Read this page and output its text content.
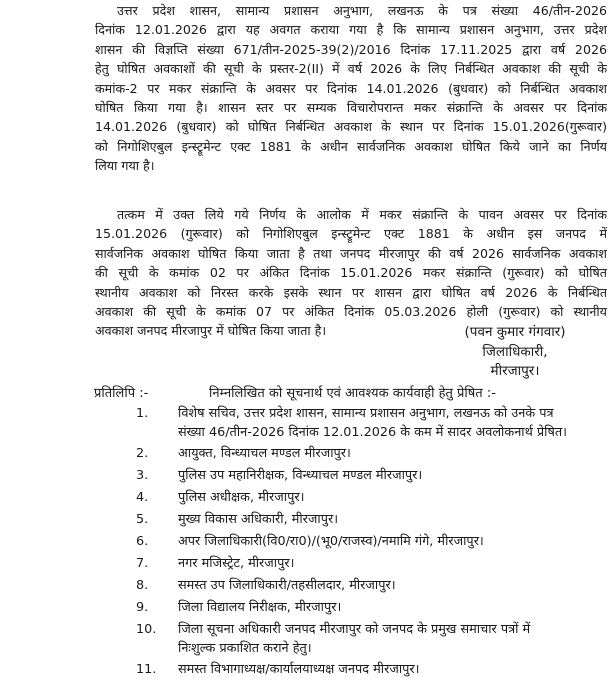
उत्तर प्रदेश शासन, सामान्य प्रशासन अनुभाग, लखनऊ के पत्र संख्या 46/तीन-2026
दिनांक 12.01.2026 द्वारा यह अवगत कराया गया है कि सामान्य प्रशासन अनुभाग, उत्तर प्रदेश
शासन की विज्ञप्ति संख्या 671/तीन-2025-39(2)/2016 दिनांक 17.11.2025 द्वारा वर्ष 2026
हेतु घोषित अवकाशों की सूची के प्रस्तर-2(II) में वर्ष 2026 के लिए निर्बन्धित अवकाश की सूची के
कमांक-2 पर मकर संक्रान्ति के अवसर पर दिनांक 14.01.2026 (बुधवार) को निर्बन्धित अवकाश
घोषित किया गया है। शासन स्तर पर सम्यक विचारोपरान्त मकर संक्रान्ति के अवसर पर दिनांक
14.01.2026 (बुधवार) को घोषित निर्बन्धित अवकाश के स्थान पर दिनांक 15.01.2026(गुरूवार)
को निगोशिएबुल इन्स्ट्रूमेन्ट एक्ट 1881 के अधीन सार्वजनिक अवकाश घोषित किये जाने का निर्णय
लिया गया है।
तत्कम में उक्त लिये गये निर्णय के आलोक में मकर संक्रान्ति के पावन अवसर पर दिनांक
15.01.2026 (गुरूवार) को निगोशिएबुल इन्स्ट्रूमेन्ट एक्ट 1881 के अधीन इस जनपद में
सार्वजनिक अवकाश घोषित किया जाता है तथा जनपद मीरजापुर की वर्ष 2026 सार्वजनिक अवकाश
की सूची के कमांक 02 पर अंकित दिनांक 15.01.2026 मकर संक्रान्ति (गुरूवार) को घोषित
स्थानीय अवकाश को निरस्त करके इसके स्थान पर शासन द्वारा घोषित वर्ष 2026 के निर्बन्धित
अवकाश की सूची के कमांक 07 पर अंकित दिनांक 05.03.2026 होली (गुरूवार) को स्थानीय
अवकाश जनपद मीरजापुर में घोषित किया जाता है।	(पवन कुमार गंगवार)
जिलाधिकारी,
मीरजापुर।
प्रतिलिपि :-	निम्नलिखित को सूचनार्थ एवं आवश्यक कार्यवाही हेतु प्रेषित :-
1.	विशेष सचिव, उत्तर प्रदेश शासन, सामान्य प्रशासन अनुभाग, लखनऊ को उनके पत्र
संख्या 46/तीन-2026 दिनांक 12.01.2026 के कम में सादर अवलोकनार्थ प्रेषित।
2.	आयुक्त, विन्ध्याचल मण्डल मीरजापुर।
3.	पुलिस उप महानिरीक्षक, विन्ध्याचल मण्डल मीरजापुर।
4.	पुलिस अधीक्षक, मीरजापुर।
5.	मुख्य विकास अधिकारी, मीरजापुर।
6.	अपर जिलाधिकारी(वि0/रा0)/(भू0/राजस्व)/नमामि गंगे, मीरजापुर।
7.	नगर मजिस्ट्रेट, मीरजापुर।
8.	समस्त उप जिलाधिकारी/तहसीलदार, मीरजापुर।
9.	जिला विद्यालय निरीक्षक, मीरजापुर।
10.	जिला सूचना अधिकारी जनपद मीरजापुर को जनपद के प्रमुख समाचार पत्रों में
निःशुल्क प्रकाशित कराने हेतु।
11.	समस्त विभागाध्यक्ष/कार्यालयाध्यक्ष जनपद मीरजापुर।
